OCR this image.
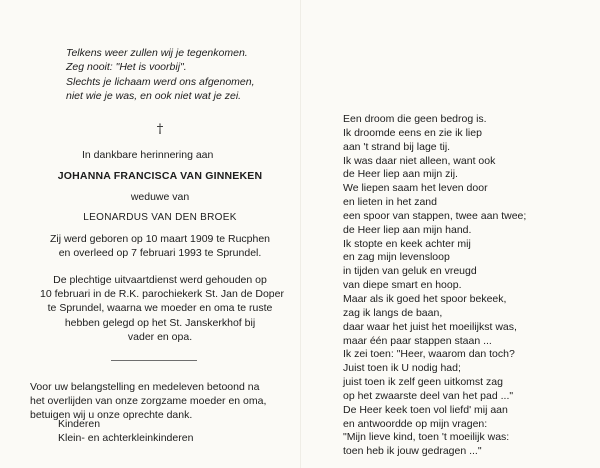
Telkens weer zullen wij je tegenkomen.
Zeg nooit: "Het is voorbij".
Slechts je lichaam werd ons afgenomen,
niet wie je was, en ook niet wat je zei.
†
In dankbare herinnering aan
JOHANNA FRANCISCA VAN GINNEKEN
weduwe van
LEONARDUS VAN DEN BROEK
Zij werd geboren op 10 maart 1909 te Rucphen
en overleed op 7 februari 1993 te Sprundel.
De plechtige uitvaartdienst werd gehouden op
10 februari in de R.K. parochiekerk St. Jan de Doper
te Sprundel, waarna we moeder en oma te ruste
hebben gelegd op het St. Janskerkhof bij
vader en opa.
Voor uw belangstelling en medeleven betoond na
het overlijden van onze zorgzame moeder en oma,
betuigen wij u onze oprechte dank.
Kinderen
Klein- en achterkleinkinderen
Een droom die geen bedrog is.
Ik droomde eens en zie ik liep
aan 't strand bij lage tij.
Ik was daar niet alleen, want ook
de Heer liep aan mijn zij.
We liepen saam het leven door
en lieten in het zand
een spoor van stappen, twee aan twee;
de Heer liep aan mijn hand.
Ik stopte en keek achter mij
en zag mijn levensloop
in tijden van geluk en vreugd
van diepe smart en hoop.
Maar als ik goed het spoor bekeek,
zag ik langs de baan,
daar waar het juist het moeilijkst was,
maar één paar stappen staan ...
Ik zei toen: "Heer, waarom dan toch?
Juist toen ik U nodig had;
juist toen ik zelf geen uitkomst zag
op het zwaarste deel van het pad ..."
De Heer keek toen vol liefd' mij aan
en antwoordde op mijn vragen:
"Mijn lieve kind, toen 't moeilijk was:
toen heb ik jouw gedragen ..."
